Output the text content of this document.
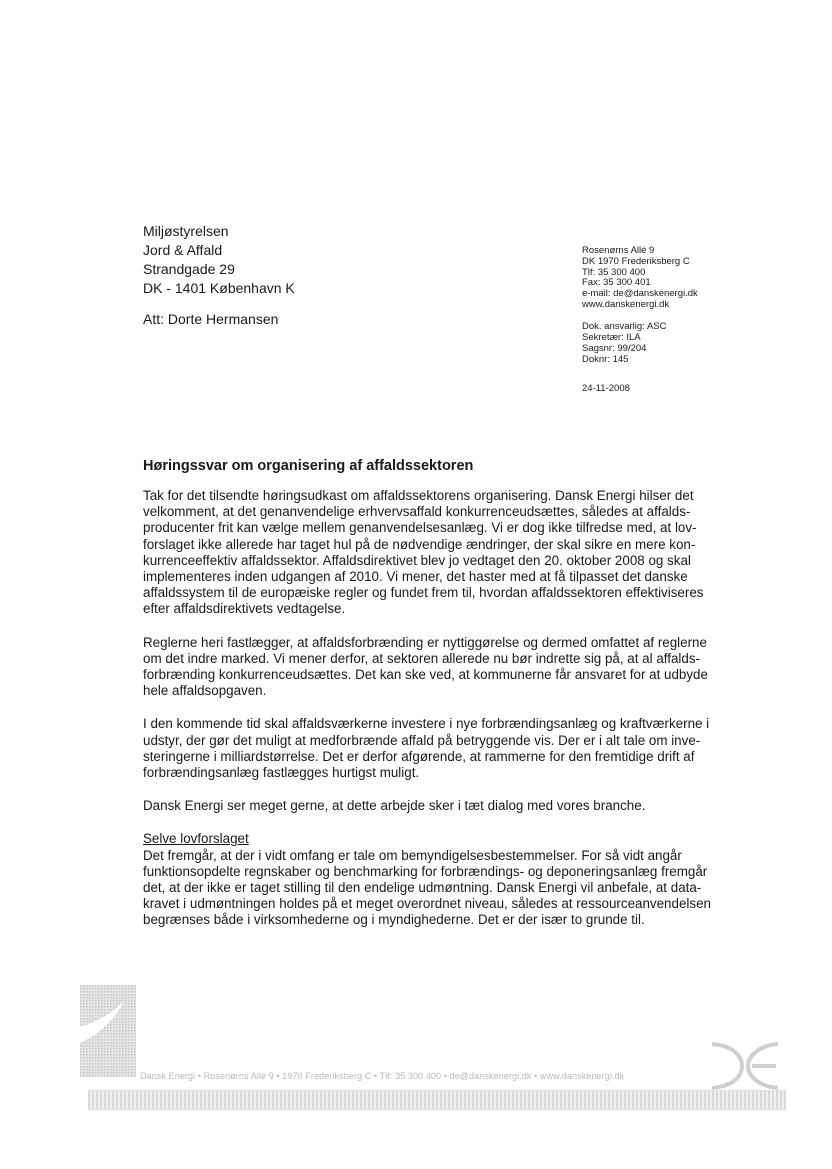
Miljøstyrelsen
Jord & Affald
Strandgade 29
DK - 1401 København K
Att: Dorte Hermansen
Rosenørns Allé 9
DK 1970 Frederiksberg C
Tlf: 35 300 400
Fax: 35 300 401
e-mail: de@danskenergi.dk
www.danskenergi.dk
Dok. ansvarlig: ASC
Sekretær: ILA
Sagsnr: 99/204
Doknr: 145
24-11-2008
Høringssvar om organisering af affaldssektoren

Tak for det tilsendte høringsudkast om affaldssektorens organisering. Dansk Energi hilser det
velkomment, at det genanvendelige erhvervsaffald konkurrenceudsættes, således at affalds-
producenter frit kan vælge mellem genanvendelsesanlæg. Vi er dog ikke tilfredse med, at lov-
forslaget ikke allerede har taget hul på de nødvendige ændringer, der skal sikre en mere kon-
kurrenceeffektiv affaldssektor. Affaldsdirektivet blev jo vedtaget den 20. oktober 2008 og skal
implementeres inden udgangen af 2010. Vi mener, det haster med at få tilpasset det danske
affaldssystem til de europæiske regler og fundet frem til, hvordan affaldssektoren effektiviseres
efter affaldsdirektivets vedtagelse.

Reglerne heri fastlægger, at affaldsforbrænding er nyttiggørelse og dermed omfattet af reglerne
om det indre marked. Vi mener derfor, at sektoren allerede nu bør indrette sig på, at al affalds-
forbrænding konkurrenceudsættes. Det kan ske ved, at kommunerne får ansvaret for at udbyde
hele affaldsopgaven.

I den kommende tid skal affaldsværkerne investere i nye forbrændingsanlæg og kraftværkerne i
udstyr, der gør det muligt at medforbrænde affald på betryggende vis. Der er i alt tale om inve-
steringerne i milliardstørrelse. Det er derfor afgørende, at rammerne for den fremtidige drift af
forbrændingsanlæg fastlægges hurtigst muligt.

Dansk Energi ser meget gerne, at dette arbejde sker i tæt dialog med vores branche.

Selve lovforslaget
Det fremgår, at der i vidt omfang er tale om bemyndigelsesbestemmelser. For så vidt angår
funktionsopdelte regnskaber og benchmarking for forbrændings- og deponeringsanlæg fremgår
det, at der ikke er taget stilling til den endelige udmøntning. Dansk Energi vil anbefale, at data-
kravet i udmøntningen holdes på et meget overordnet niveau, således at ressourceanvendelsen
begrænses både i virksomhederne og i myndighederne. Det er der især to grunde til.

Dansk Energi • Rosenørns Allé 9 • 1970 Frederiksberg C • Tlf: 35 300 400 • de@danskenergi.dk • www.danskenergi.dk
